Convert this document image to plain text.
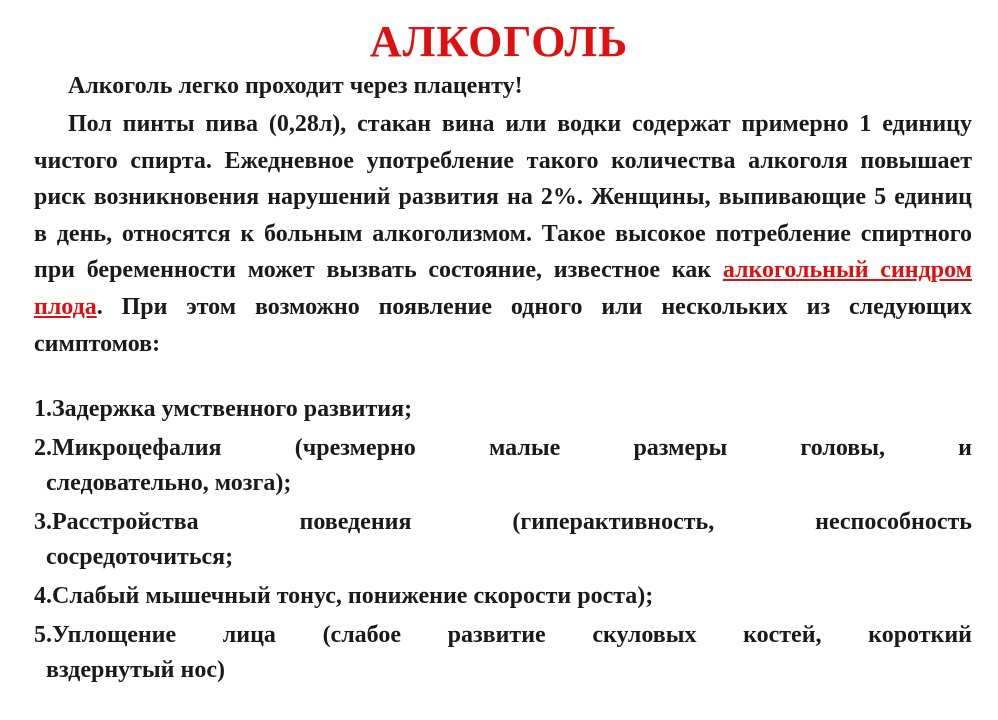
АЛКОГОЛЬ
Алкоголь легко проходит через плаценту!

Пол пинты пива (0,28л), стакан вина или водки содержат примерно 1 единицу чистого спирта. Ежедневное употребление такого количества алкоголя повышает риск возникновения нарушений развития на 2%. Женщины, выпивающие 5 единиц в день, относятся к больным алкоголизмом. Такое высокое потребление спиртного при беременности может вызвать состояние, известное как алкогольный синдром плода. При этом возможно появление одного или нескольких из следующих симптомов:

1.Задержка умственного развития;
2.Микроцефалия (чрезмерно малые размеры головы, и
следовательно, мозга);
3.Расстройства поведения (гиперактивность, неспособность
сосредоточиться;
4.Слабый мышечный тонус, понижение скорости роста);
5.Уплощение лица (слабое развитие скуловых костей, короткий
вздернутый нос)
